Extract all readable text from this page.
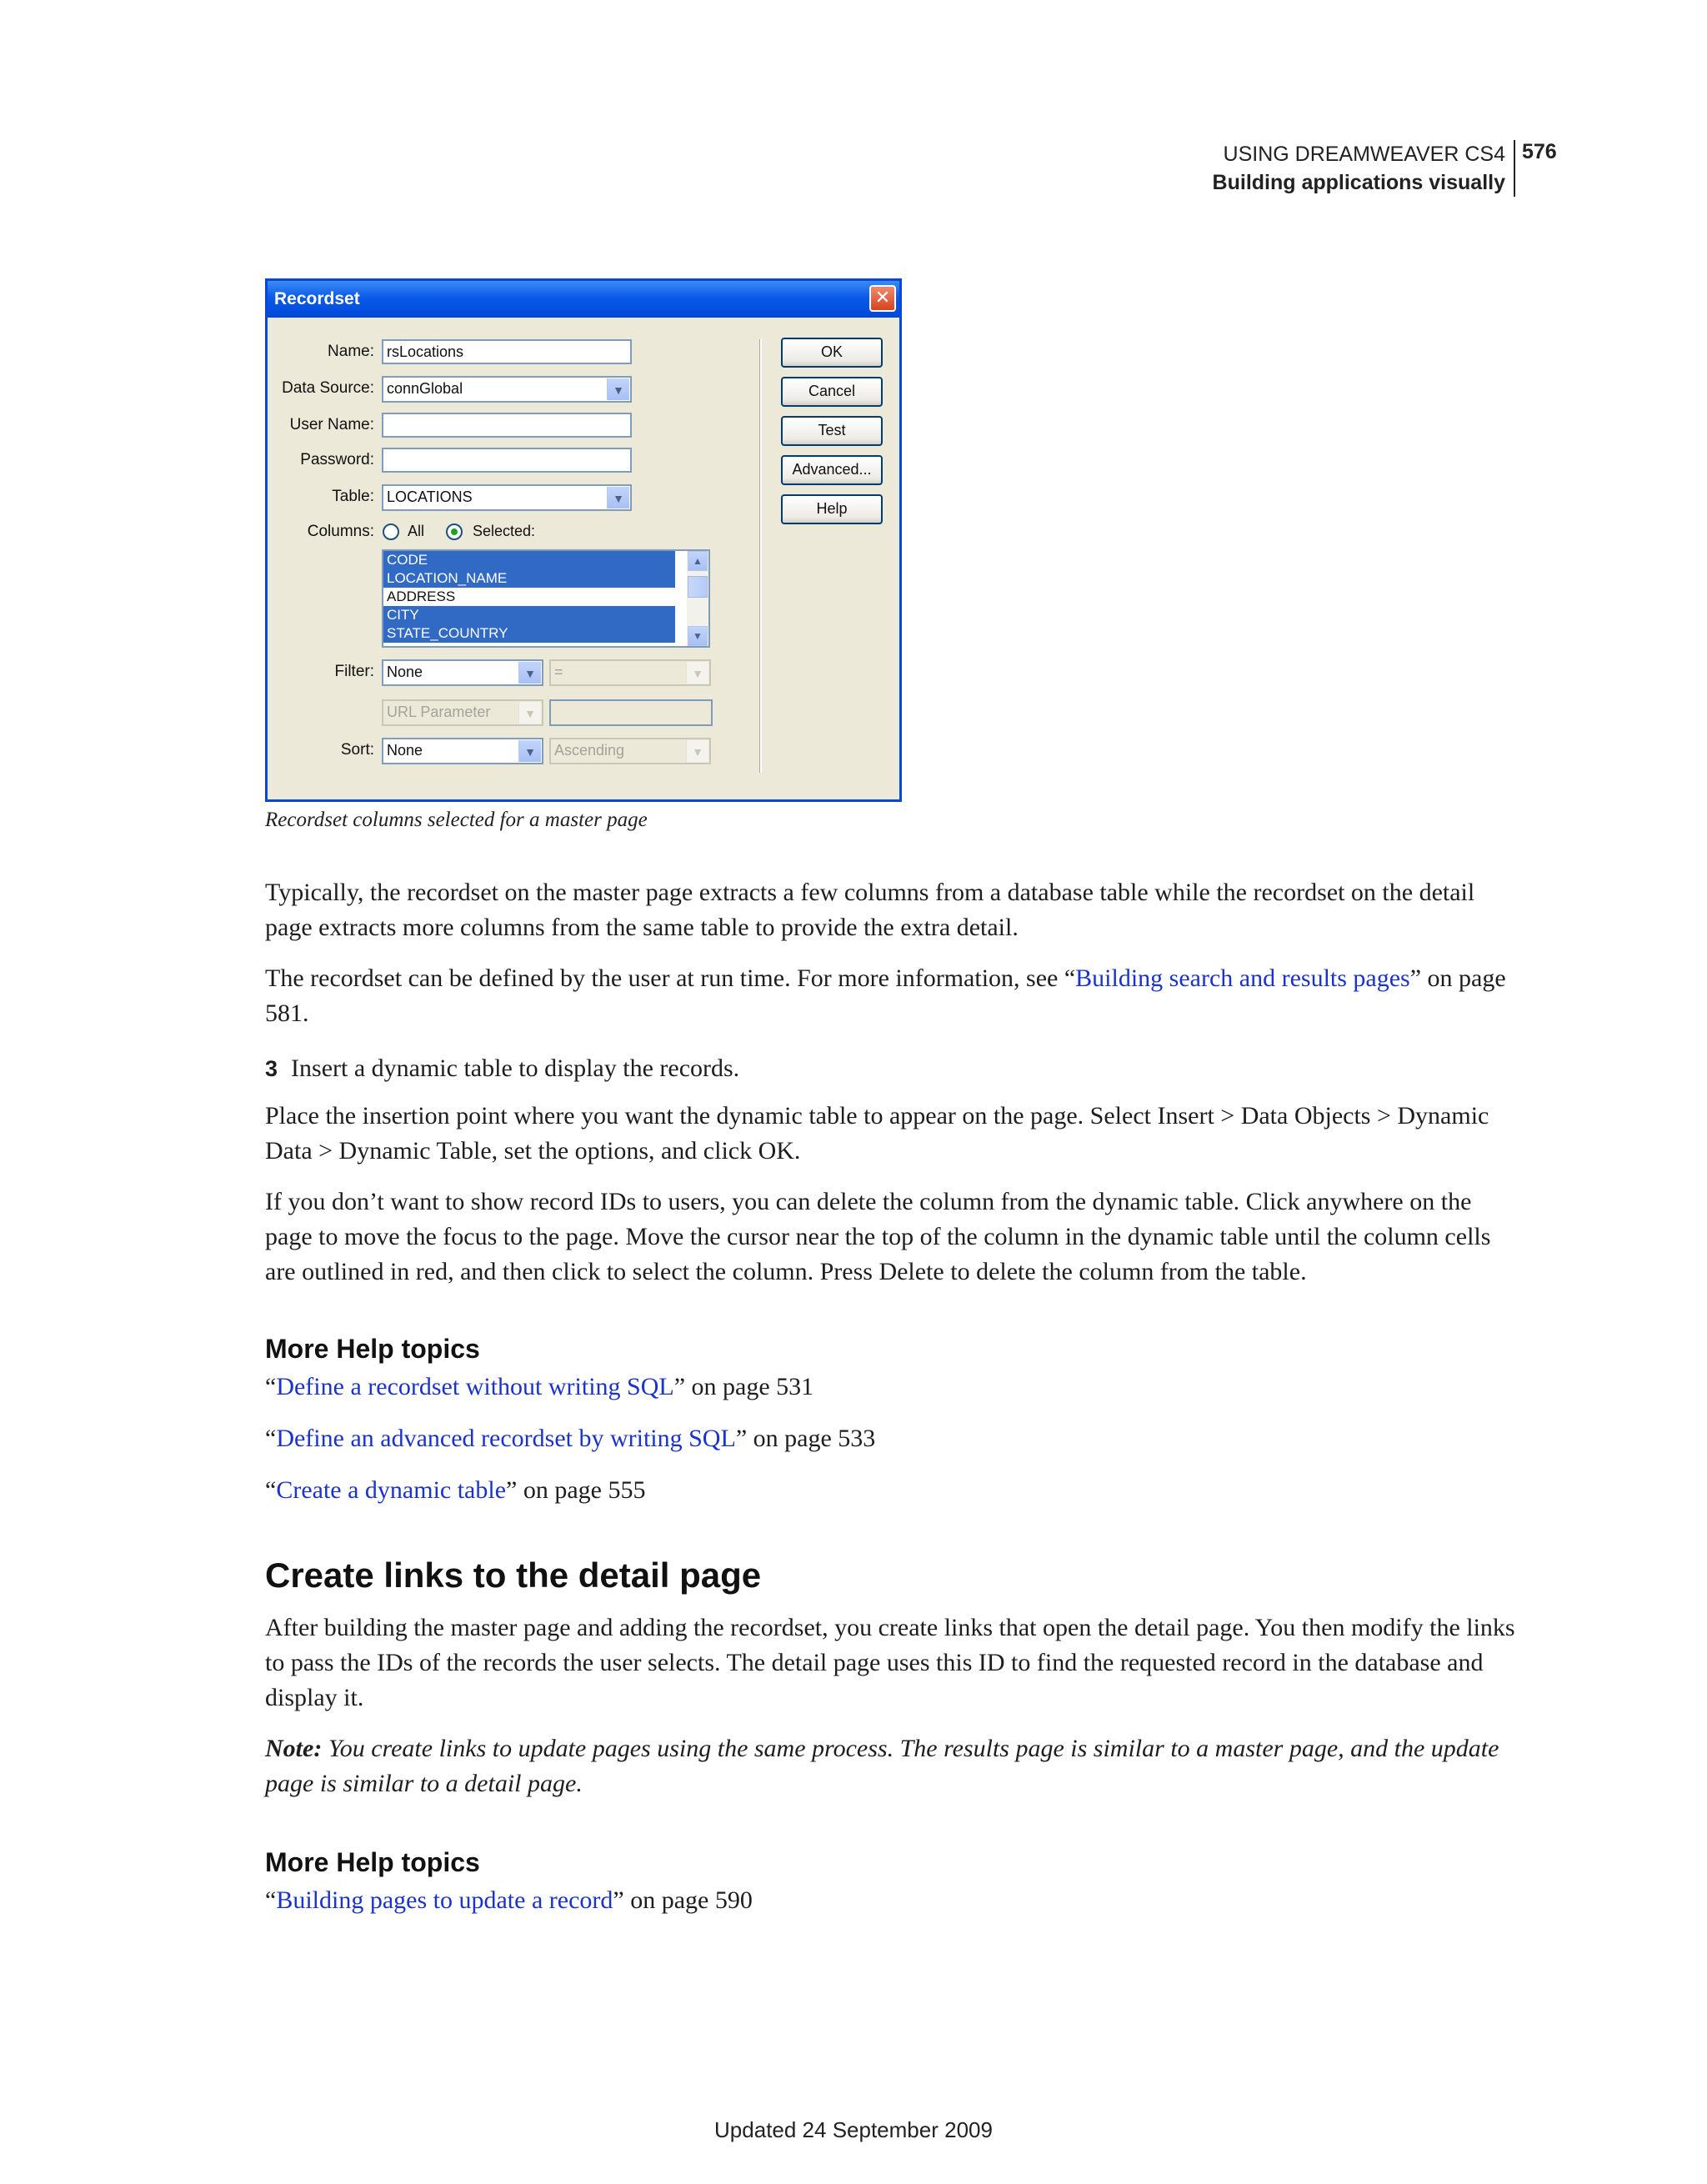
USING DREAMWEAVER CS4
Building applications visually
576
Recordset	✕
Name: rsLocations
Data Source: connGlobal	▼
User Name:
Password:
Table: LOCATIONS	▼
Columns: All	Selected:
CODE
LOCATION_NAME
ADDRESS
CITY
STATE_COUNTRY
▲
▼
Filter: None	▼	=	▼
URL Parameter	▼
Sort: None	▼	Ascending	▼
OK
Cancel
Test
Advanced...
Help
Recordset columns selected for a master page
Typically, the recordset on the master page extracts a few columns from a database table while the recordset on the detail page extracts more columns from the same table to provide the extra detail.
The recordset can be defined by the user at run time. For more information, see “Building search and results pages” on page 581.
3 Insert a dynamic table to display the records.
Place the insertion point where you want the dynamic table to appear on the page. Select Insert > Data Objects > Dynamic Data > Dynamic Table, set the options, and click OK.
If you don’t want to show record IDs to users, you can delete the column from the dynamic table. Click anywhere on the page to move the focus to the page. Move the cursor near the top of the column in the dynamic table until the column cells are outlined in red, and then click to select the column. Press Delete to delete the column from the table.
More Help topics
“Define a recordset without writing SQL” on page 531
“Define an advanced recordset by writing SQL” on page 533
“Create a dynamic table” on page 555
Create links to the detail page
After building the master page and adding the recordset, you create links that open the detail page. You then modify the links to pass the IDs of the records the user selects. The detail page uses this ID to find the requested record in the database and display it.
Note: You create links to update pages using the same process. The results page is similar to a master page, and the update page is similar to a detail page.
More Help topics
“Building pages to update a record” on page 590
Updated 24 September 2009
